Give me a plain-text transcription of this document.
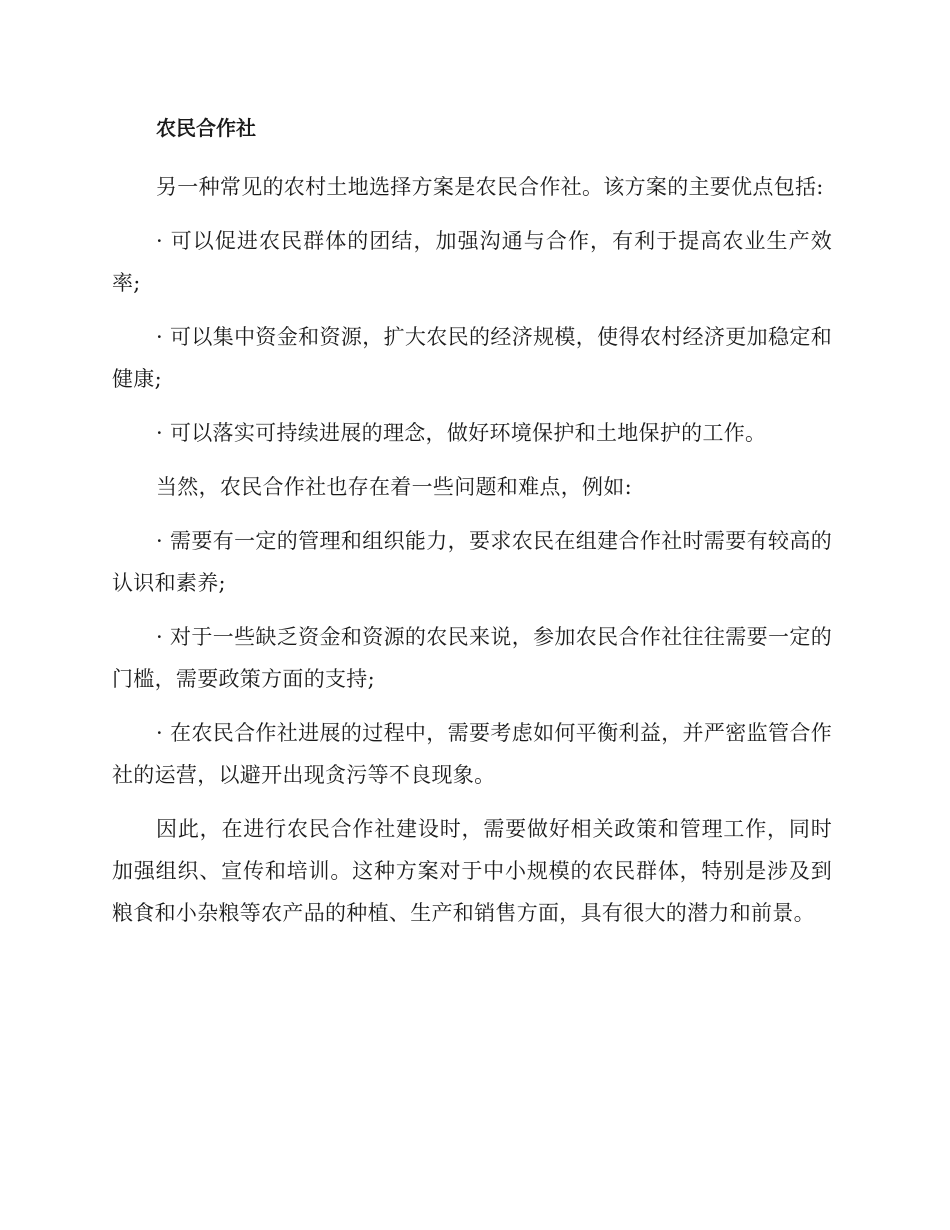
农民合作社

另一种常见的农村土地选择方案是农民合作社。该方案的主要优点包括:

· 可以促进农民群体的团结，加强沟通与合作，有利于提高农业生产效率;

· 可以集中资金和资源，扩大农民的经济规模，使得农村经济更加稳定和健康;

· 可以落实可持续进展的理念，做好环境保护和土地保护的工作。

当然，农民合作社也存在着一些问题和难点，例如:

· 需要有一定的管理和组织能力，要求农民在组建合作社时需要有较高的认识和素养;

· 对于一些缺乏资金和资源的农民来说，参加农民合作社往往需要一定的门槛，需要政策方面的支持;

· 在农民合作社进展的过程中，需要考虑如何平衡利益，并严密监管合作社的运营，以避开出现贪污等不良现象。

因此，在进行农民合作社建设时，需要做好相关政策和管理工作，同时加强组织、宣传和培训。这种方案对于中小规模的农民群体，特别是涉及到粮食和小杂粮等农产品的种植、生产和销售方面，具有很大的潜力和前景。
